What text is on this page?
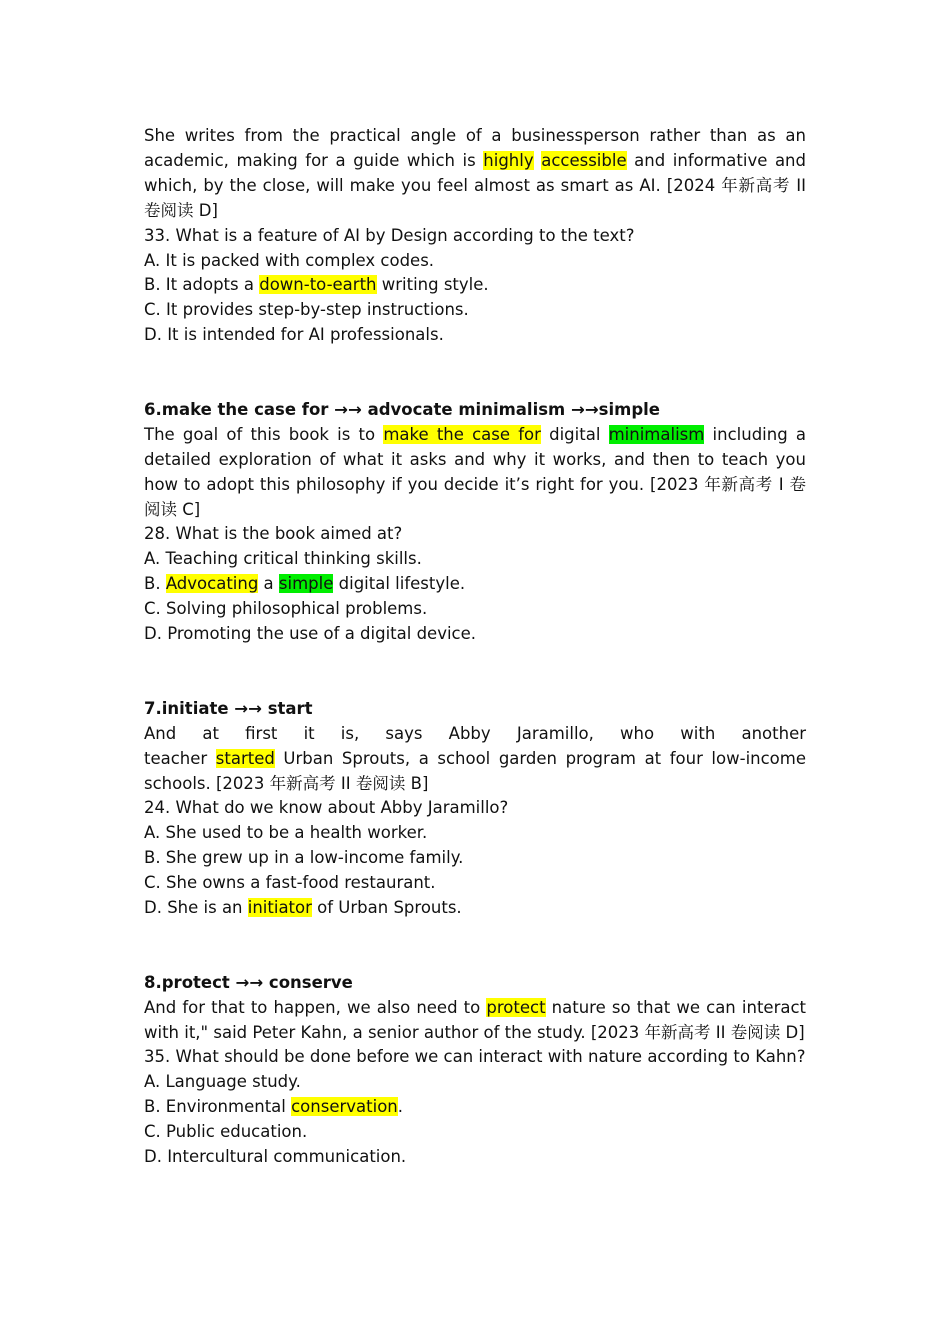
She writes from the practical angle of a businessperson rather than as an academic, making for a guide which is highly accessible and informative and which, by the close, will make you feel almost as smart as AI. [2024 年新高考 II 卷阅读 D]

33. What is a feature of AI by Design according to the text?

A. It is packed with complex codes.

B. It adopts a down-to-earth writing style.

C. It provides step-by-step instructions.

D. It is intended for AI professionals.

6.make the case for →→ advocate minimalism →→simple

The goal of this book is to make the case for digital minimalism including a detailed exploration of what it asks and why it works, and then to teach you how to adopt this philosophy if you decide it’s right for you. [2023 年新高考 I 卷阅读 C]

28. What is the book aimed at?

A. Teaching critical thinking skills.

B. Advocating a simple digital lifestyle.

C. Solving philosophical problems.

D. Promoting the use of a digital device.

7.initiate →→ start

And at first it is, says Abby Jaramillo, who with another

teacher started Urban Sprouts, a school garden program at four low-income schools. [2023 年新高考 II 卷阅读 B]

24. What do we know about Abby Jaramillo?

A. She used to be a health worker.

B. She grew up in a low-income family.

C. She owns a fast-food restaurant.

D. She is an initiator of Urban Sprouts.

8.protect →→ conserve

And for that to happen, we also need to protect nature so that we can interact with it," said Peter Kahn, a senior author of the study. [2023 年新高考 II 卷阅读 D]

35. What should be done before we can interact with nature according to Kahn?

A. Language study.

B. Environmental conservation.

C. Public education.

D. Intercultural communication.
